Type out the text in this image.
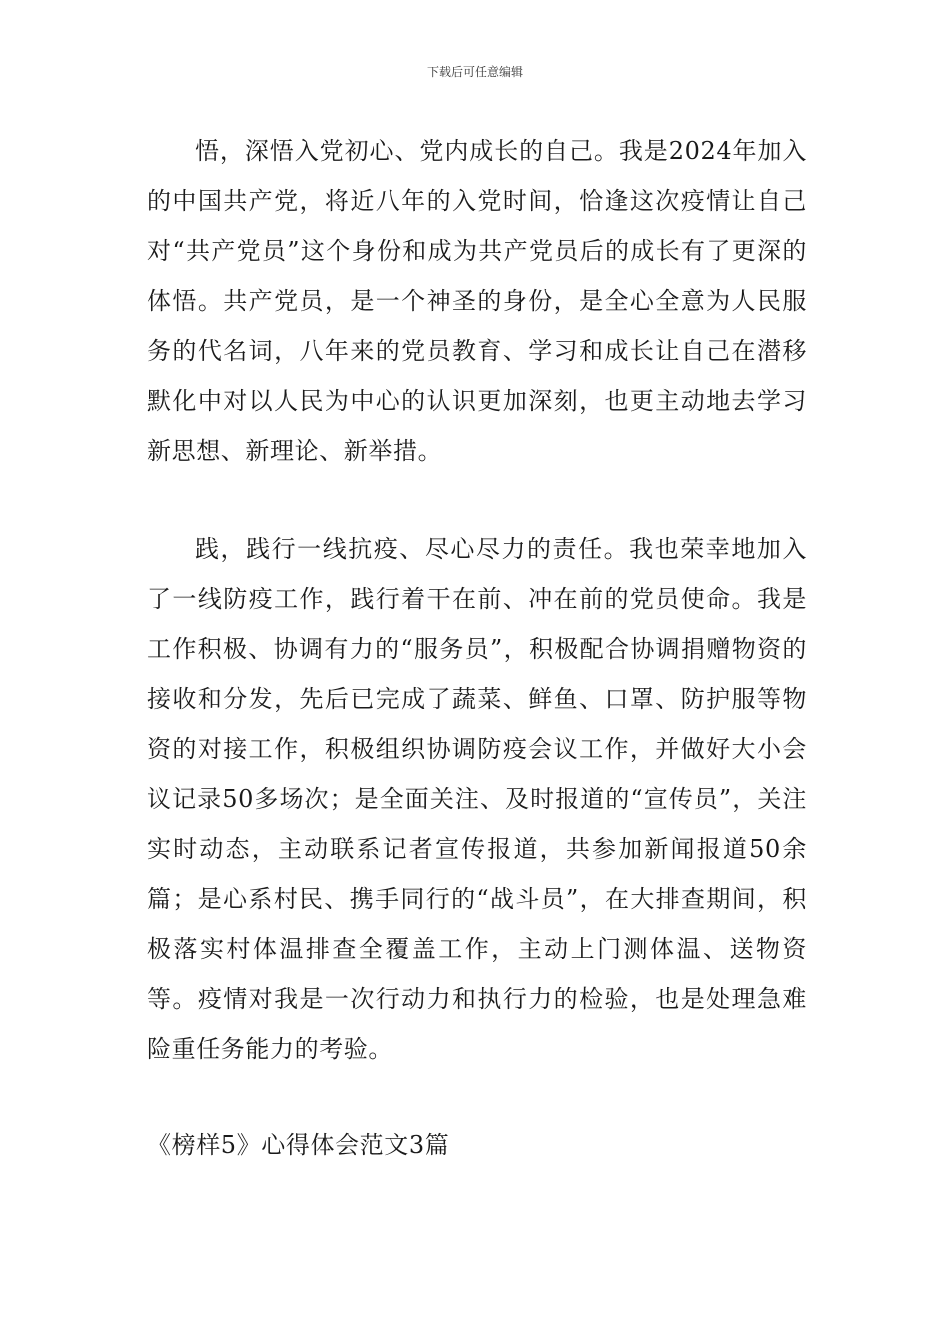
下载后可任意编辑

悟，深悟入党初心、党内成长的自己。我是2024年加入的中国共产党，将近八年的入党时间，恰逢这次疫情让自己对“共产党员”这个身份和成为共产党员后的成长有了更深的体悟。共产党员，是一个神圣的身份，是全心全意为人民服务的代名词，八年来的党员教育、学习和成长让自己在潜移默化中对以人民为中心的认识更加深刻，也更主动地去学习新思想、新理论、新举措。

践，践行一线抗疫、尽心尽力的责任。我也荣幸地加入了一线防疫工作，践行着干在前、冲在前的党员使命。我是工作积极、协调有力的“服务员”，积极配合协调捐赠物资的接收和分发，先后已完成了蔬菜、鲜鱼、口罩、防护服等物资的对接工作，积极组织协调防疫会议工作，并做好大小会议记录50多场次；是全面关注、及时报道的“宣传员”，关注实时动态，主动联系记者宣传报道，共参加新闻报道50余篇；是心系村民、携手同行的“战斗员”，在大排查期间，积极落实村体温排查全覆盖工作，主动上门测体温、送物资等。疫情对我是一次行动力和执行力的检验，也是处理急难险重任务能力的考验。

《榜样5》心得体会范文3篇
